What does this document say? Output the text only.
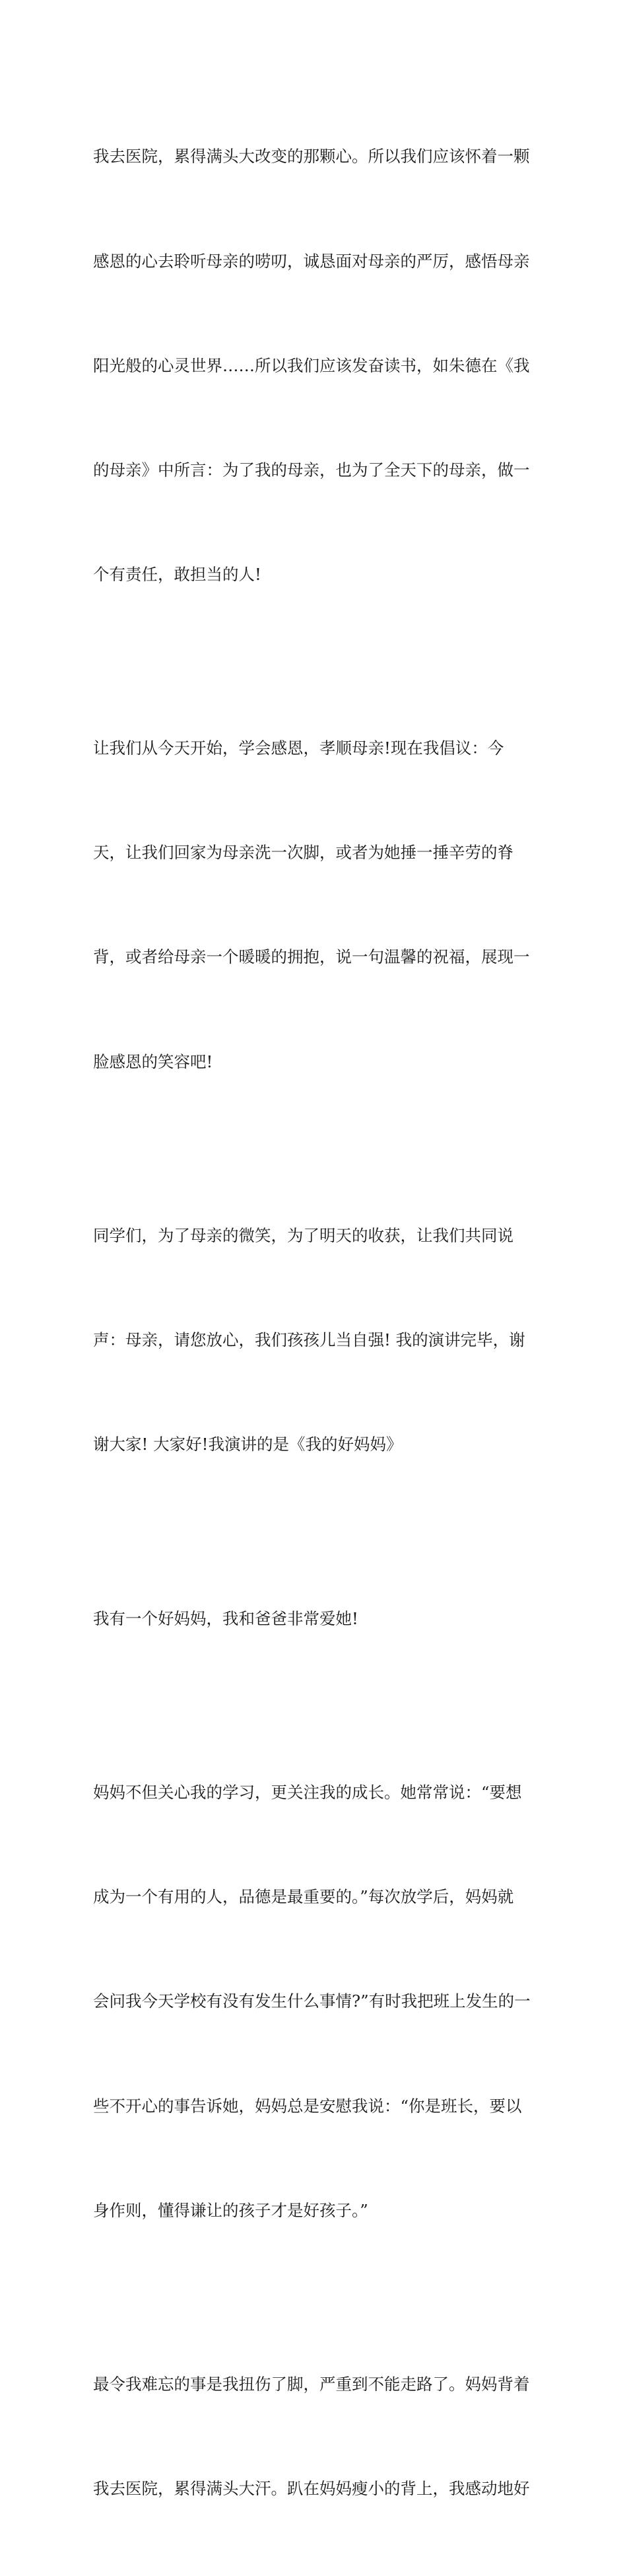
我去医院，累得满头大改变的那颗心。所以我们应该怀着一颗

感恩的心去聆听母亲的唠叨，诚恳面对母亲的严厉，感悟母亲

阳光般的心灵世界……所以我们应该发奋读书，如朱德在《我

的母亲》中所言：为了我的母亲，也为了全天下的母亲，做一

个有责任，敢担当的人!

让我们从今天开始，学会感恩，孝顺母亲!现在我倡议：今

天，让我们回家为母亲洗一次脚，或者为她捶一捶辛劳的脊

背，或者给母亲一个暖暖的拥抱，说一句温馨的祝福，展现一

脸感恩的笑容吧!

同学们，为了母亲的微笑，为了明天的收获，让我们共同说

声：母亲，请您放心，我们孩孩儿当自强! 我的演讲完毕，谢

谢大家! 大家好!我演讲的是《我的好妈妈》

我有一个好妈妈，我和爸爸非常爱她!

妈妈不但关心我的学习，更关注我的成长。她常常说：“要想

成为一个有用的人，品德是最重要的。”每次放学后，妈妈就

会问我今天学校有没有发生什么事情?”有时我把班上发生的一

些不开心的事告诉她，妈妈总是安慰我说：“你是班长，要以

身作则，懂得谦让的孩子才是好孩子。”

最令我难忘的事是我扭伤了脚，严重到不能走路了。妈妈背着

我去医院，累得满头大汗。趴在妈妈瘦小的背上，我感动地好
